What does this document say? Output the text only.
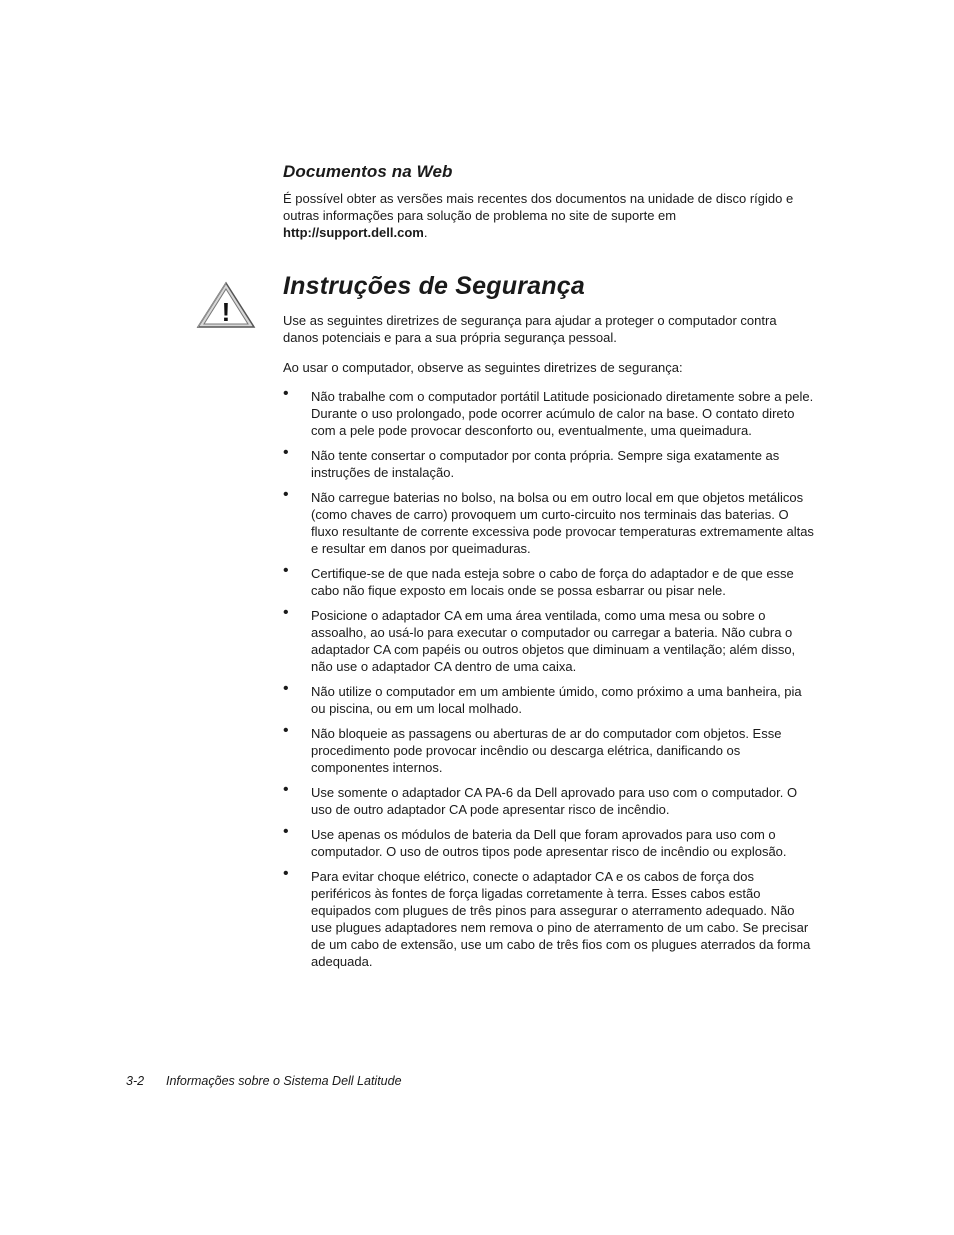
Documentos na Web

É possível obter as versões mais recentes dos documentos na unidade de disco rígido e outras informações para solução de problema no site de suporte em http://support.dell.com.

!
Instruções de Segurança

Use as seguintes diretrizes de segurança para ajudar a proteger o computador contra danos potenciais e para a sua própria segurança pessoal.

Ao usar o computador, observe as seguintes diretrizes de segurança:

• Não trabalhe com o computador portátil Latitude posicionado diretamente sobre a pele. Durante o uso prolongado, pode ocorrer acúmulo de calor na base. O contato direto com a pele pode provocar desconforto ou, eventualmente, uma queimadura.
• Não tente consertar o computador por conta própria. Sempre siga exatamente as instruções de instalação.
• Não carregue baterias no bolso, na bolsa ou em outro local em que objetos metálicos (como chaves de carro) provoquem um curto-circuito nos terminais das baterias. O fluxo resultante de corrente excessiva pode provocar temperaturas extremamente altas e resultar em danos por queimaduras.
• Certifique-se de que nada esteja sobre o cabo de força do adaptador e de que esse cabo não fique exposto em locais onde se possa esbarrar ou pisar nele.
• Posicione o adaptador CA em uma área ventilada, como uma mesa ou sobre o assoalho, ao usá-lo para executar o computador ou carregar a bateria. Não cubra o adaptador CA com papéis ou outros objetos que diminuam a ventilação; além disso, não use o adaptador CA dentro de uma caixa.
• Não utilize o computador em um ambiente úmido, como próximo a uma banheira, pia ou piscina, ou em um local molhado.
• Não bloqueie as passagens ou aberturas de ar do computador com objetos. Esse procedimento pode provocar incêndio ou descarga elétrica, danificando os componentes internos.
• Use somente o adaptador CA PA-6 da Dell aprovado para uso com o computador. O uso de outro adaptador CA pode apresentar risco de incêndio.
• Use apenas os módulos de bateria da Dell que foram aprovados para uso com o computador. O uso de outros tipos pode apresentar risco de incêndio ou explosão.
• Para evitar choque elétrico, conecte o adaptador CA e os cabos de força dos periféricos às fontes de força ligadas corretamente à terra. Esses cabos estão equipados com plugues de três pinos para assegurar o aterramento adequado. Não use plugues adaptadores nem remova o pino de aterramento de um cabo. Se precisar de um cabo de extensão, use um cabo de três fios com os plugues aterrados da forma adequada.
3-2 Informações sobre o Sistema Dell Latitude
